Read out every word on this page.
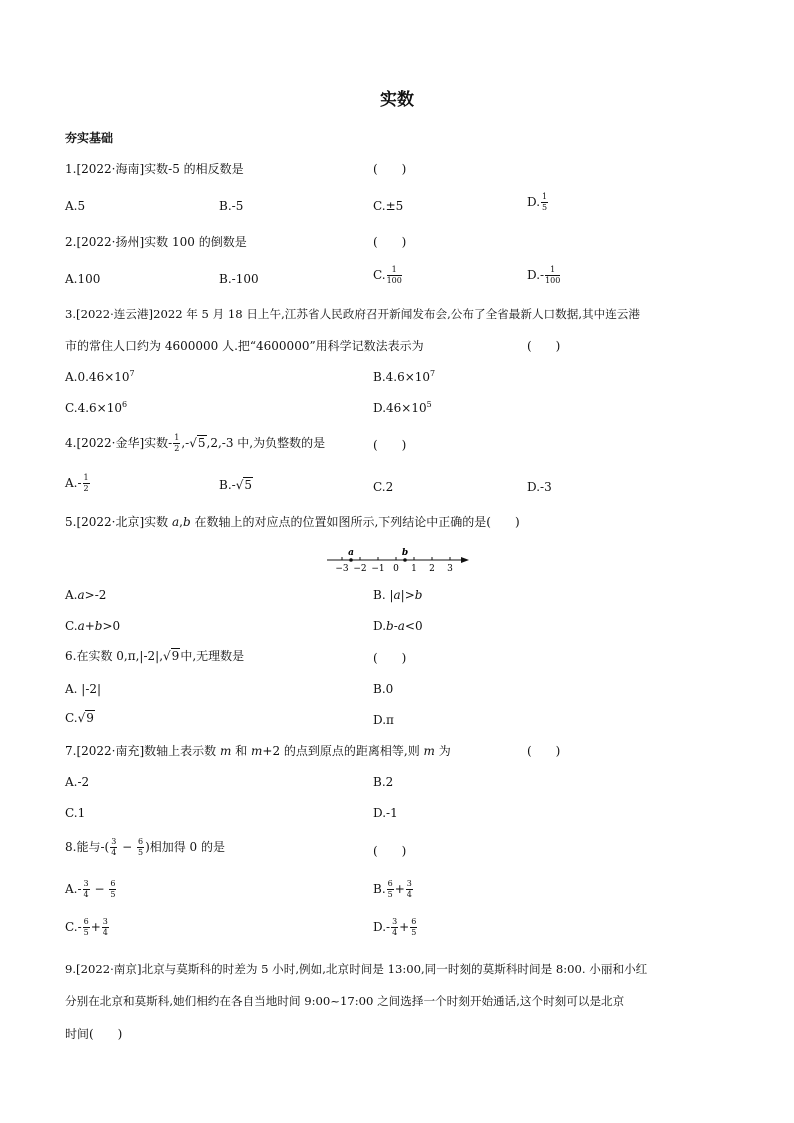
实数
夯实基础
1.[2022·海南]实数-5 的相反数是	(　　)
A.5	B.-5	C.±5	D. $\frac{1}{5}$
2.[2022·扬州]实数 100 的倒数是	(　　)
A.100	B.-100	C. $\frac{1}{100}$	$D.- \frac{1}{100}$
3.[2022·连云港]2022 年 5 月 18 日上午,江苏省人民政府召开新闻发布会,公布了全省最新人口数据,其中连云港
市的常住人口约为 4600000 人.把“4600000”用科学记数法表示为	(　　)
$A.0.46\times 10^7$	$B.4.6\times 10^7$
$C.4.6\times 10^6$	$D.46\times 10^5$
4.[2022·金华]实数- $\frac{1}{2} ,-√5,2,-3$ 中,为负整数的是	(　　)
$A.- \frac{1}{2}$	B.-√5	C.2	D.-3
5.[2022·北京]实数 a,b 在数轴上的对应点的位置如图所示,下列结论中正确的是(　　)
−3 −2 −1 0 1 2 3
a	b
A.a>-2	B. |a|>b
C.a+b>0	D.b-a<0
6.在实数 0,π,|-2|,√9中,无理数是	(　　)
A. |-2|	B.0
C.√9	D.π
7.[2022·南充]数轴上表示数 m 和 m+2 的点到原点的距离相等,则 m 为	(　　)
A.-2	B.2
C.1	D.-1
8.能与-( $\frac{3}{4} - \frac{6}{5}$ )相加得 0 的是	(　　)
$A.- \frac{3}{4} - \frac{6}{5}$	B. $\frac{6}{5} + \frac{3}{4}$
$C.- \frac{6}{5} + \frac{3}{4}$	$D.- \frac{3}{4} + \frac{6}{5}$
9.[2022·南京]北京与莫斯科的时差为 5 小时,例如,北京时间是 13:00,同一时刻的莫斯科时间是 8:00. 小丽和小红
分别在北京和莫斯科,她们相约在各自当地时间 9:00~17:00 之间选择一个时刻开始通话,这个时刻可以是北京
时间(　　)
